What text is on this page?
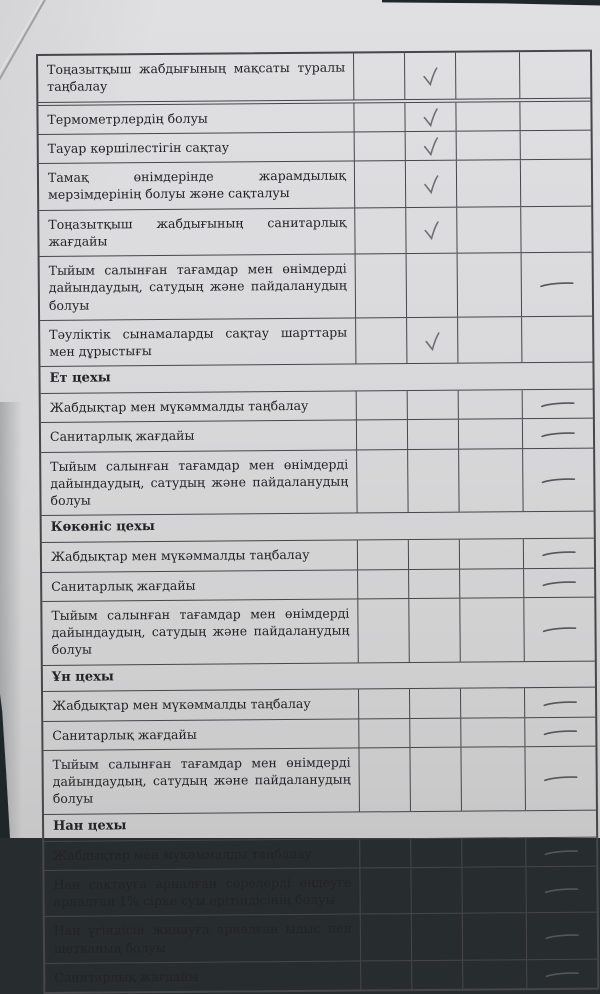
Тоңазытқыш жабдығының мақсаты туралы таңбалау
Термометрлердің болуы
Тауар көршілестігін сақтау
Тамақ өнімдерінде жарамдылық мерзімдерінің болуы және сақталуы
Тоңазытқыш жабдығының санитарлық жағдайы
Тыйым салынған тағамдар мен өнімдерді дайындаудың, сатудың және пайдаланудың болуы
Тәуліктік сынамаларды сақтау шарттары мен дұрыстығы
Ет цехы
Жабдықтар мен мүкәммалды таңбалау
Санитарлық жағдайы
Тыйым салынған тағамдар мен өнімдерді дайындаудың, сатудың және пайдаланудың болуы
Көкөніс цехы
Жабдықтар мен мүкәммалды таңбалау
Санитарлық жағдайы
Тыйым салынған тағамдар мен өнімдерді дайындаудың, сатудың және пайдаланудың болуы
Ұн цехы
Жабдықтар мен мүкәммалды таңбалау
Санитарлық жағдайы
Тыйым салынған тағамдар мен өнімдерді дайындаудың, сатудың және пайдаланудың болуы
Нан цехы
Жабдықтар мен мүкәммалды таңбалау
Нан сақтауға арналған сөрелерді өңдеуге арналған 1% сірке суы ерітіндісінің болуы
Нан үгіндісін жинауға арналған ыдыс пен щетканың болуы
Санитарлық жағдайы
